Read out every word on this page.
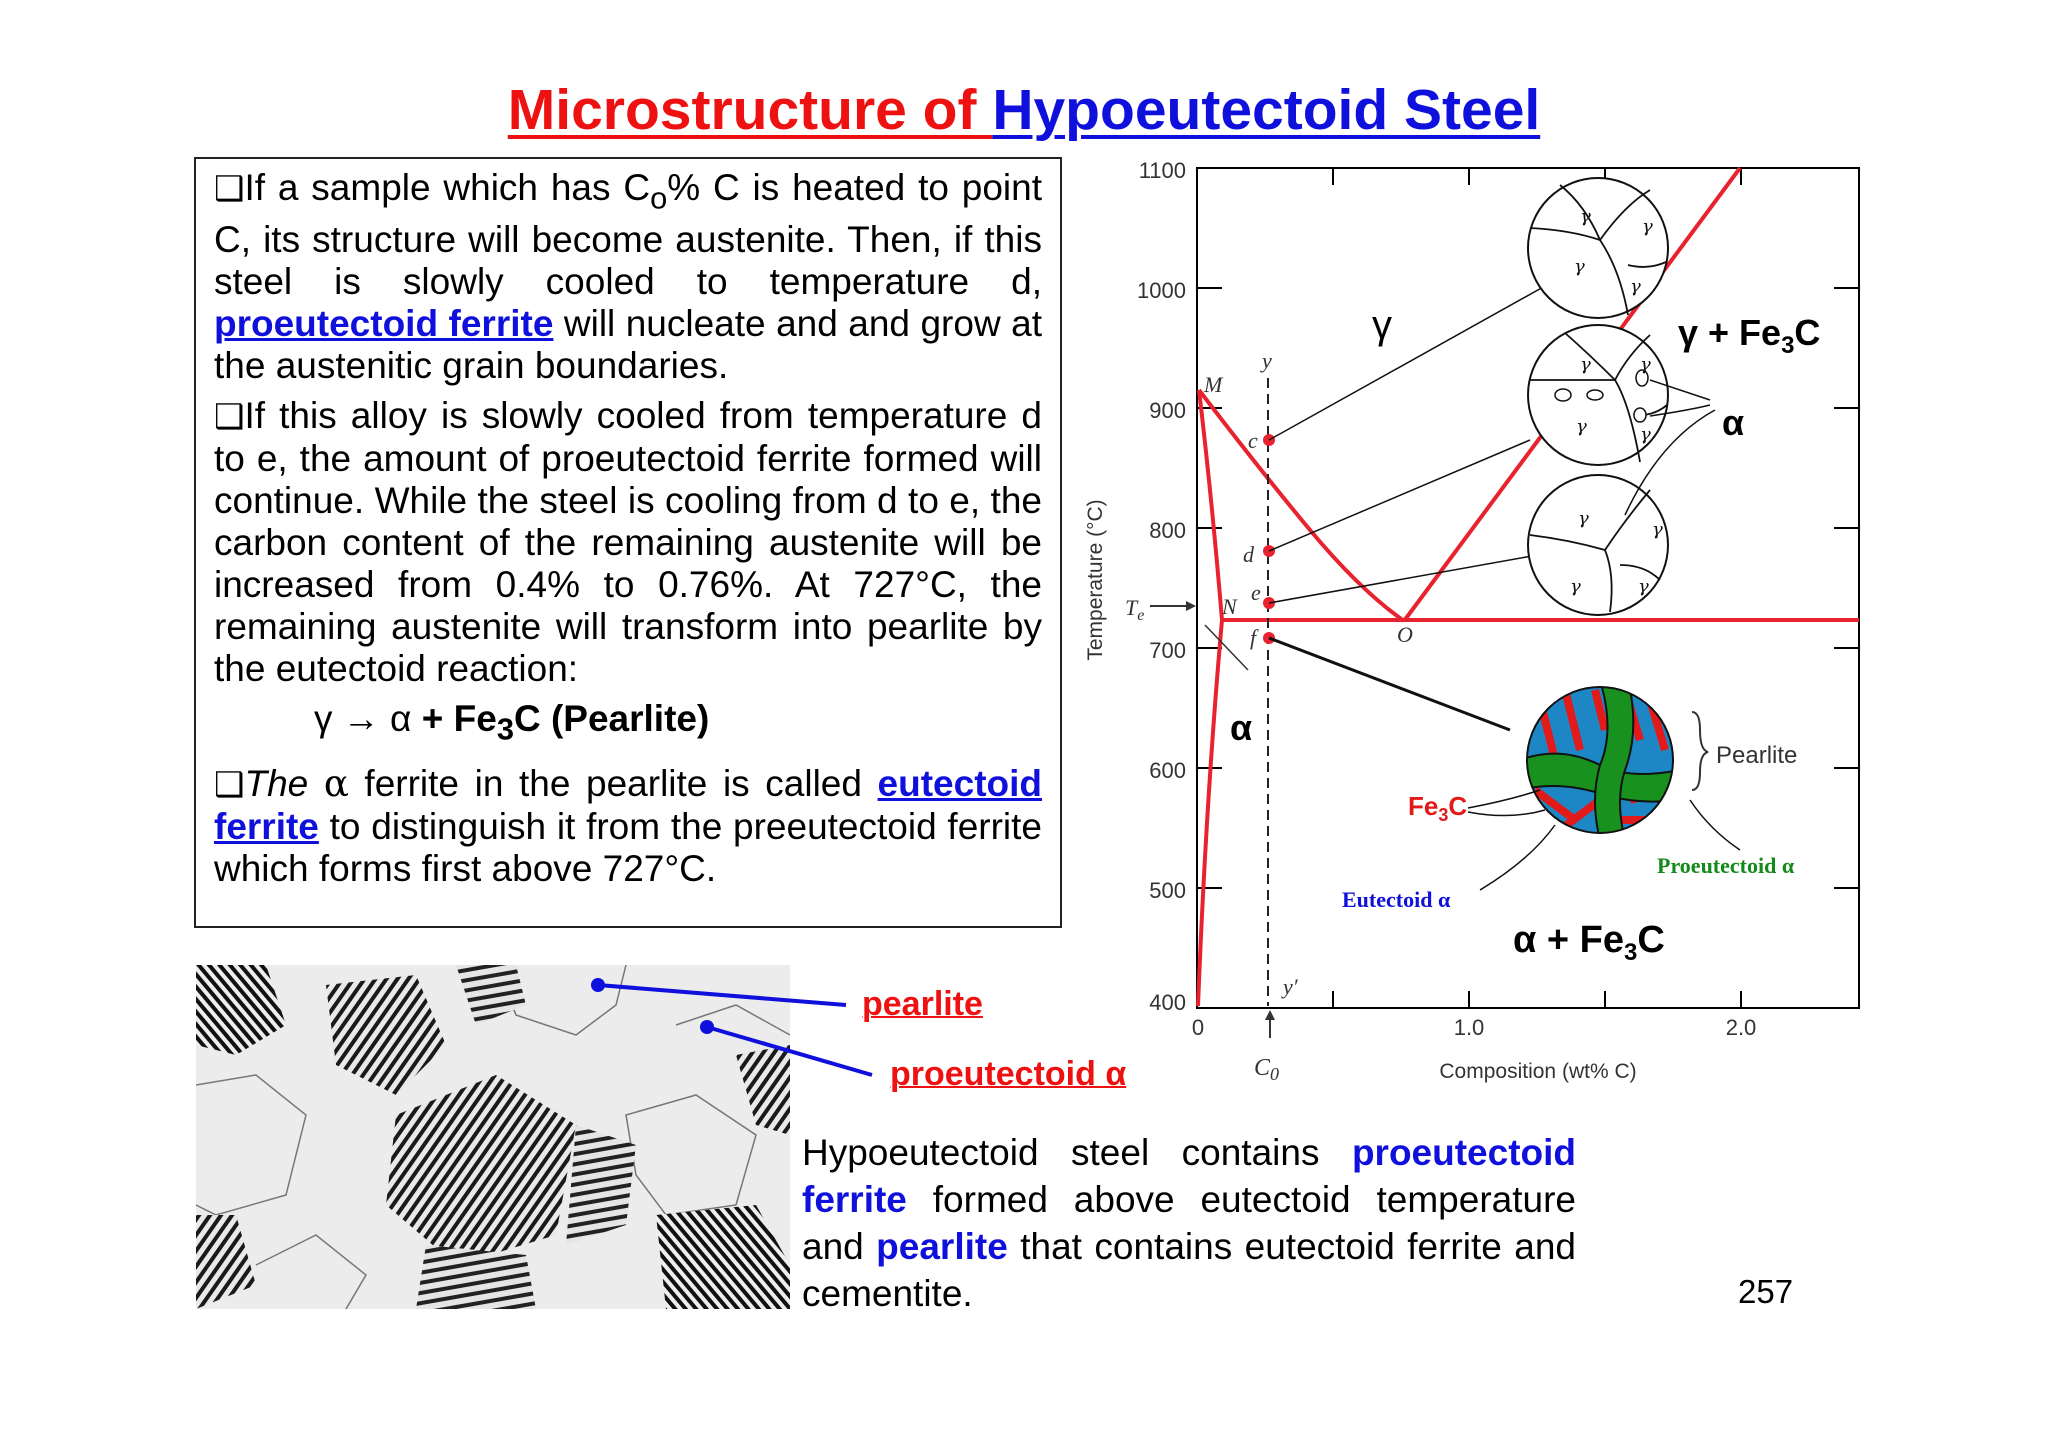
Microstructure of Hypoeutectoid Steel

❑If a sample which has $C_o\%$ C is heated to point C, its structure will become austenite. Then, if this steel is slowly cooled to temperature d, proeutectoid ferrite will nucleate and and grow at the austenitic grain boundaries.

❑If this alloy is slowly cooled from temperature d to e, the amount of proeutectoid ferrite formed will continue. While the steel is cooling from d to e, the carbon content of the remaining austenite will be increased from 0.4% to 0.76%. At 727°C, the remaining austenite will transform into pearlite by the eutectoid reaction:

$\gamma \to \alpha + Fe_3C$ (Pearlite)

❑The α ferrite in the pearlite is called eutectoid ferrite to distinguish it from the preeutectoid ferrite which forms first above 727°C.

pearlite
proeutectoid α
Hypoeutectoid steel contains proeutectoid ferrite formed above eutectoid temperature and pearlite that contains eutectoid ferrite and cementite.	257
1100
1000
900
800
700
600
500
400
0	1.0	2.0
Temperature (°C)
Composition (wt% C)
$C_0$
M
N
O
$T_e$
y
y′
c
d
e
f
γ	$\gamma + Fe_3C$
α
α
$\alpha + Fe_3C$
γ	γ
γ
γ
γ	γ
γ	γ
γ
γ
γ	γ
Pearlite
$Fe_3C$
Eutectoid α
Proeutectoid α
